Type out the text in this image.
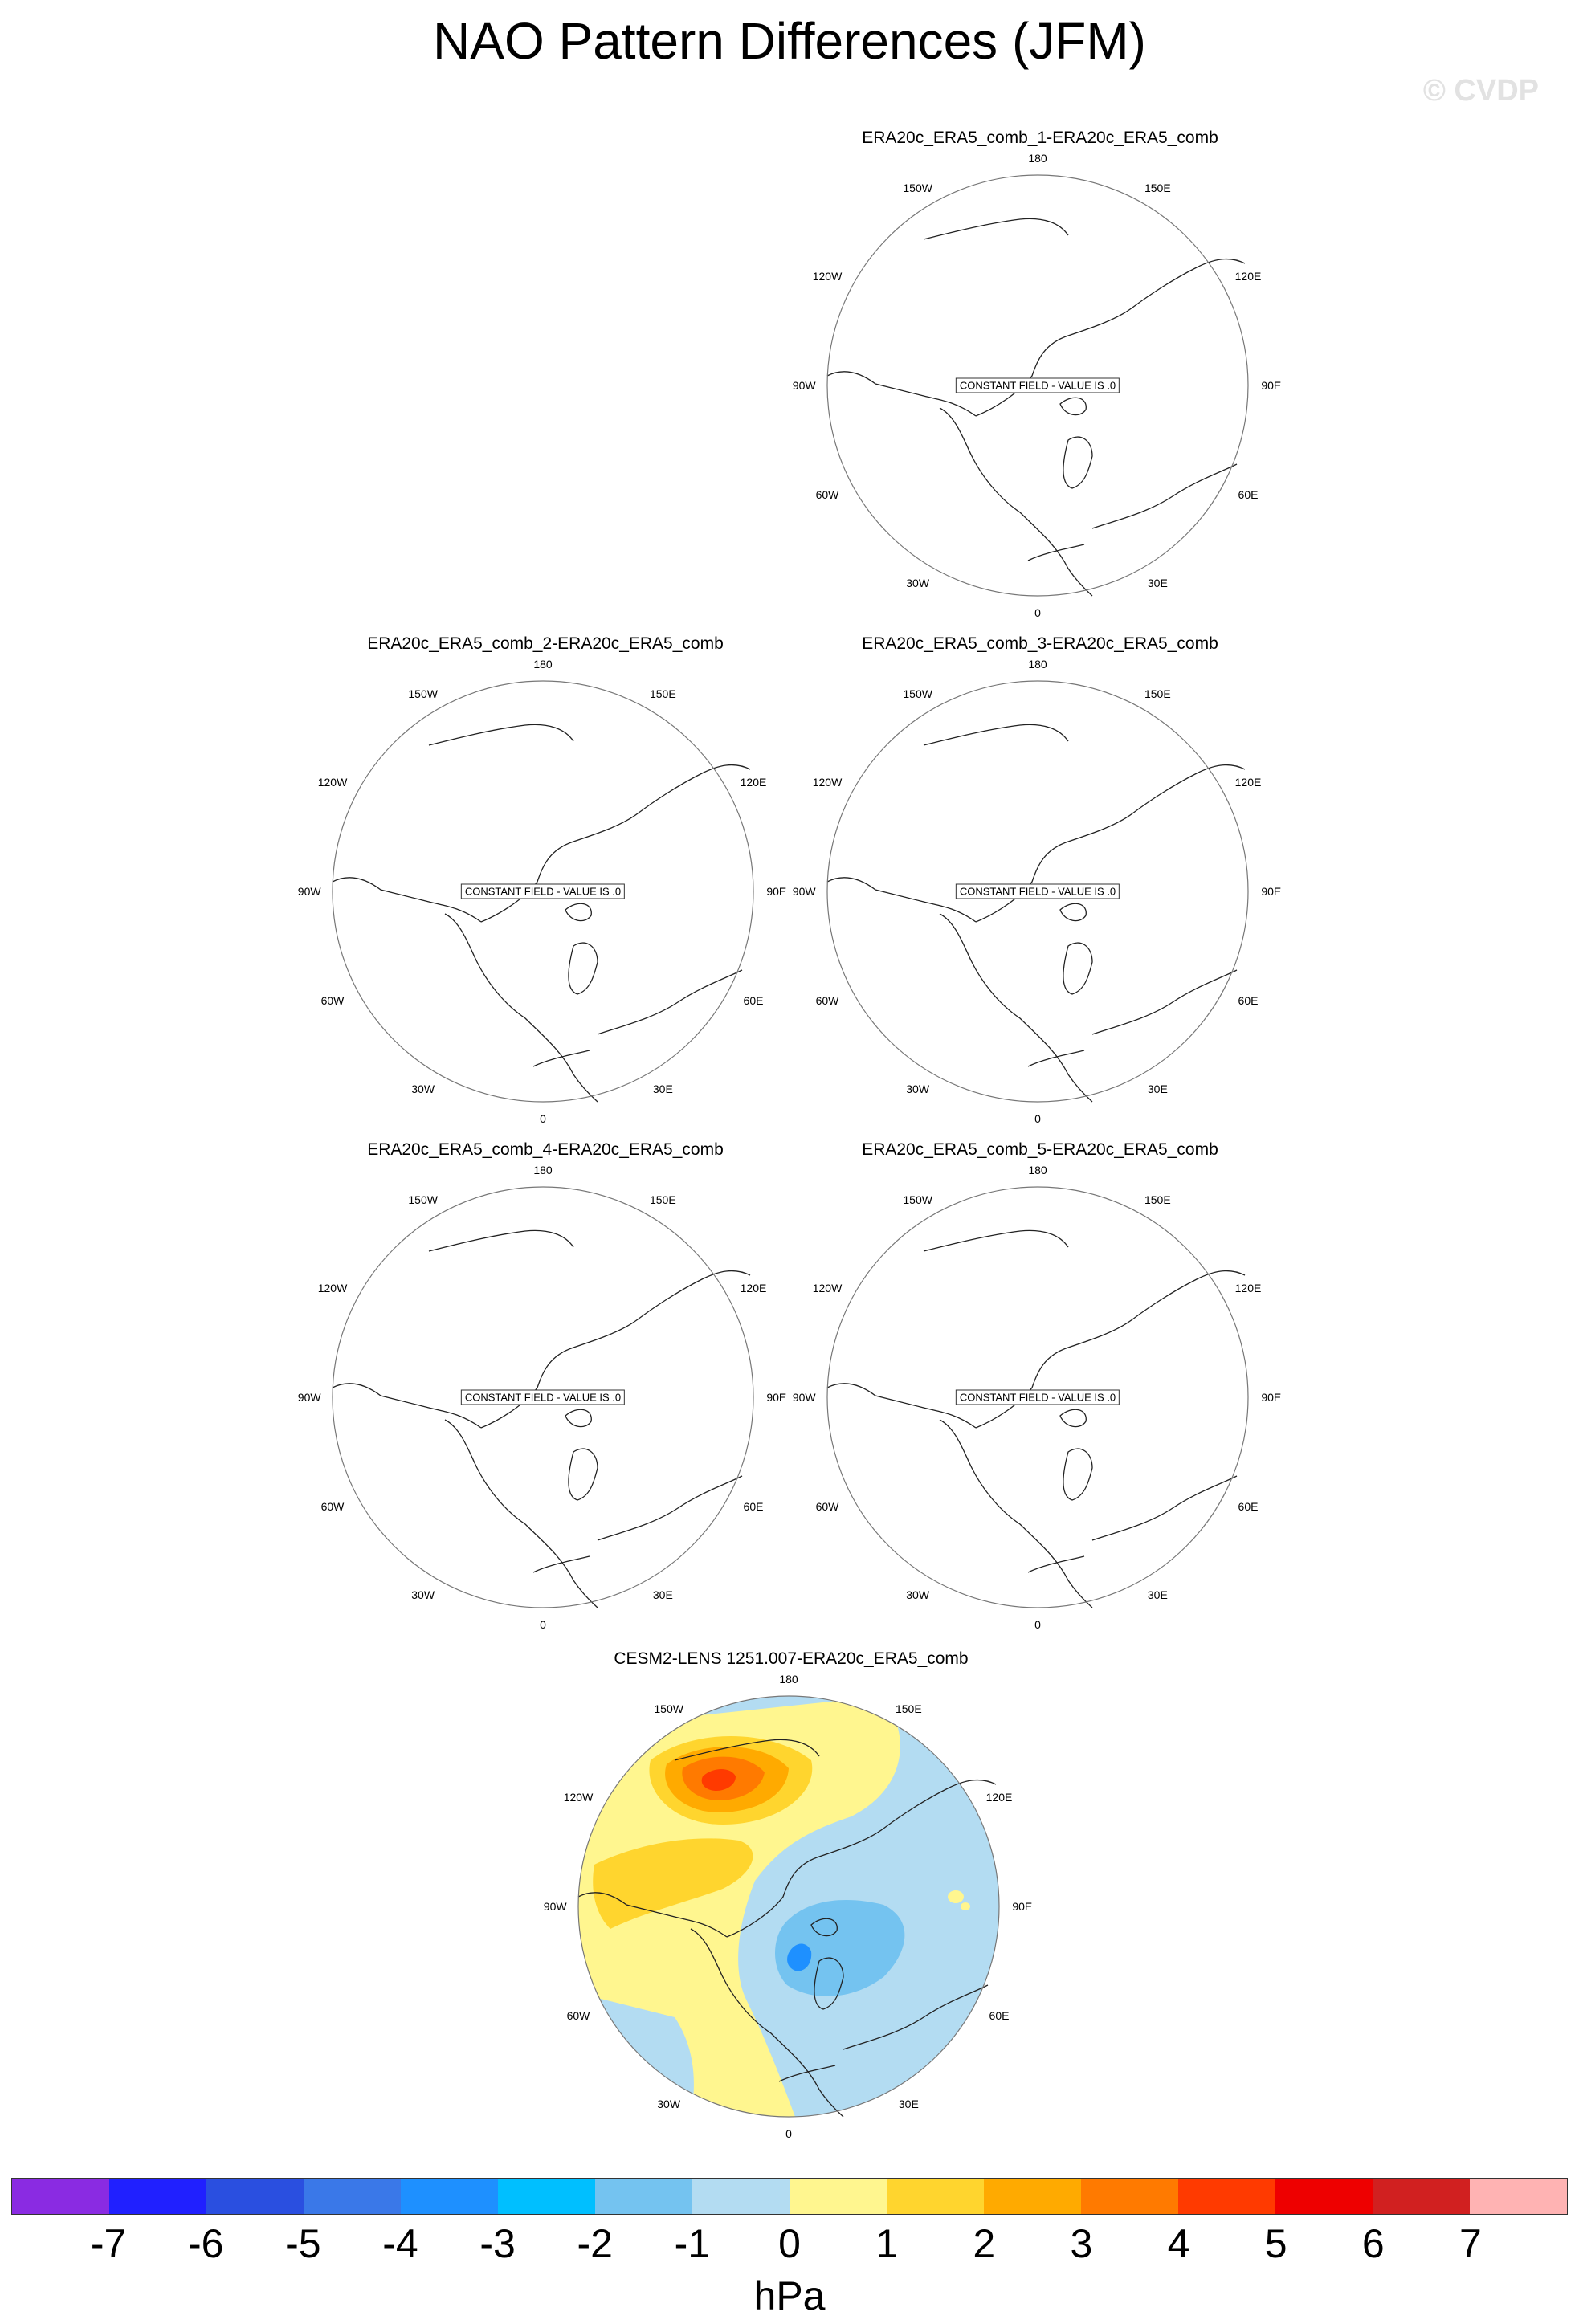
NAO Pattern Differences (JFM)
© CVDP
ERA20c_ERA5_comb_1-ERA20c_ERA5_comb
CONSTANT FIELD - VALUE IS .0
180
0
150W	150E
120W	120E
90W	90E
60W	60E
30W	30E
ERA20c_ERA5_comb_2-ERA20c_ERA5_comb
CONSTANT FIELD - VALUE IS .0
180
0
150W	150E
120W	120E
90W	90E
60W	60E
30W	30E
ERA20c_ERA5_comb_3-ERA20c_ERA5_comb
CONSTANT FIELD - VALUE IS .0
180
0
150W	150E
120W	120E
90W	90E
60W	60E
30W	30E
ERA20c_ERA5_comb_4-ERA20c_ERA5_comb
CONSTANT FIELD - VALUE IS .0
180
0
150W	150E
120W	120E
90W	90E
60W	60E
30W	30E
ERA20c_ERA5_comb_5-ERA20c_ERA5_comb
CONSTANT FIELD - VALUE IS .0
180
0
150W	150E
120W	120E
90W	90E
60W	60E
30W	30E
CESM2-LENS 1251.007-ERA20c_ERA5_comb
180
0
150W	150E
120W	120E
90W	90E
60W	60E
30W	30E
-7 -6 -5 -4 -3 -2 -1 0 1 2 3 4 5 6 7
hPa
